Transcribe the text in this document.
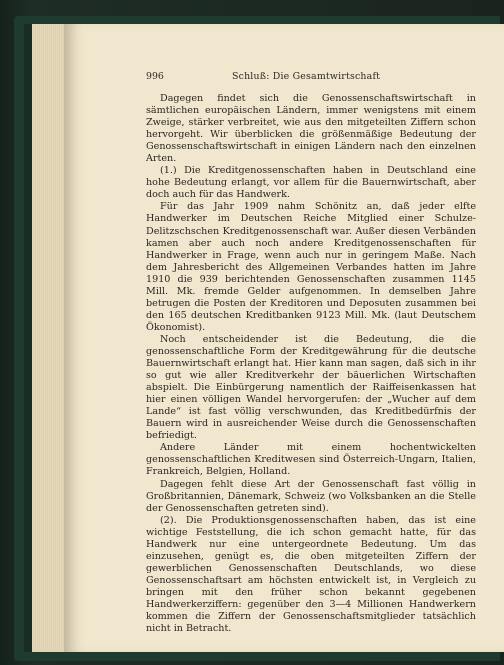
996	Schluß: Die Gesamtwirtschaft

Dagegen findet sich die Genossenschaftswirtschaft in sämtlichen europäischen Ländern, immer wenigstens mit einem Zweige, stärker verbreitet, wie aus den mitgeteilten Ziffern schon hervorgeht. Wir überblicken die größenmäßige Bedeutung der Genossenschaftswirtschaft in einigen Ländern nach den einzelnen Arten.

(1.) Die Kreditgenossenschaften haben in Deutschland eine hohe Bedeutung erlangt, vor allem für die Bauernwirtschaft, aber doch auch für das Handwerk.

Für das Jahr 1909 nahm Schönitz an, daß jeder elfte Handwerker im Deutschen Reiche Mitglied einer Schulze-Delitzschschen Kreditgenossenschaft war. Außer diesen Verbänden kamen aber auch noch andere Kreditgenossenschaften für Handwerker in Frage, wenn auch nur in geringem Maße. Nach dem Jahresbericht des Allgemeinen Verbandes hatten im Jahre 1910 die 939 berichtenden Genossenschaften zusammen 1145 Mill. Mk. fremde Gelder aufgenommen. In demselben Jahre betrugen die Posten der Kreditoren und Deposuten zusammen bei den 165 deutschen Kreditbanken 9123 Mill. Mk. (laut Deutschem Ökonomist).

Noch entscheidender ist die Bedeutung, die die genossenschaftliche Form der Kreditgewährung für die deutsche Bauernwirtschaft erlangt hat. Hier kann man sagen, daß sich in ihr so gut wie aller Kreditverkehr der bäuerlichen Wirtschaften abspielt. Die Einbürgerung namentlich der Raiffeisenkassen hat hier einen völligen Wandel hervorgerufen: der „Wucher auf dem Lande“ ist fast völlig verschwunden, das Kreditbedürfnis der Bauern wird in ausreichender Weise durch die Genossenschaften befriedigt.

Andere Länder mit einem hochentwickelten genossenschaftlichen Kreditwesen sind Österreich-Ungarn, Italien, Frankreich, Belgien, Holland.

Dagegen fehlt diese Art der Genossenschaft fast völlig in Großbritannien, Dänemark, Schweiz (wo Volksbanken an die Stelle der Genossenschaften getreten sind).

(2). Die Produktionsgenossenschaften haben, das ist eine wichtige Feststellung, die ich schon gemacht hatte, für das Handwerk nur eine untergeordnete Bedeutung. Um das einzusehen, genügt es, die oben mitgeteilten Ziffern der gewerblichen Genossenschaften Deutschlands, wo diese Genossenschaftsart am höchsten entwickelt ist, in Vergleich zu bringen mit den früher schon bekannt gegebenen Handwerkerziffern: gegenüber den 3—4 Millionen Handwerkern kommen die Ziffern der Genossenschaftsmitglieder tatsächlich nicht in Betracht.
